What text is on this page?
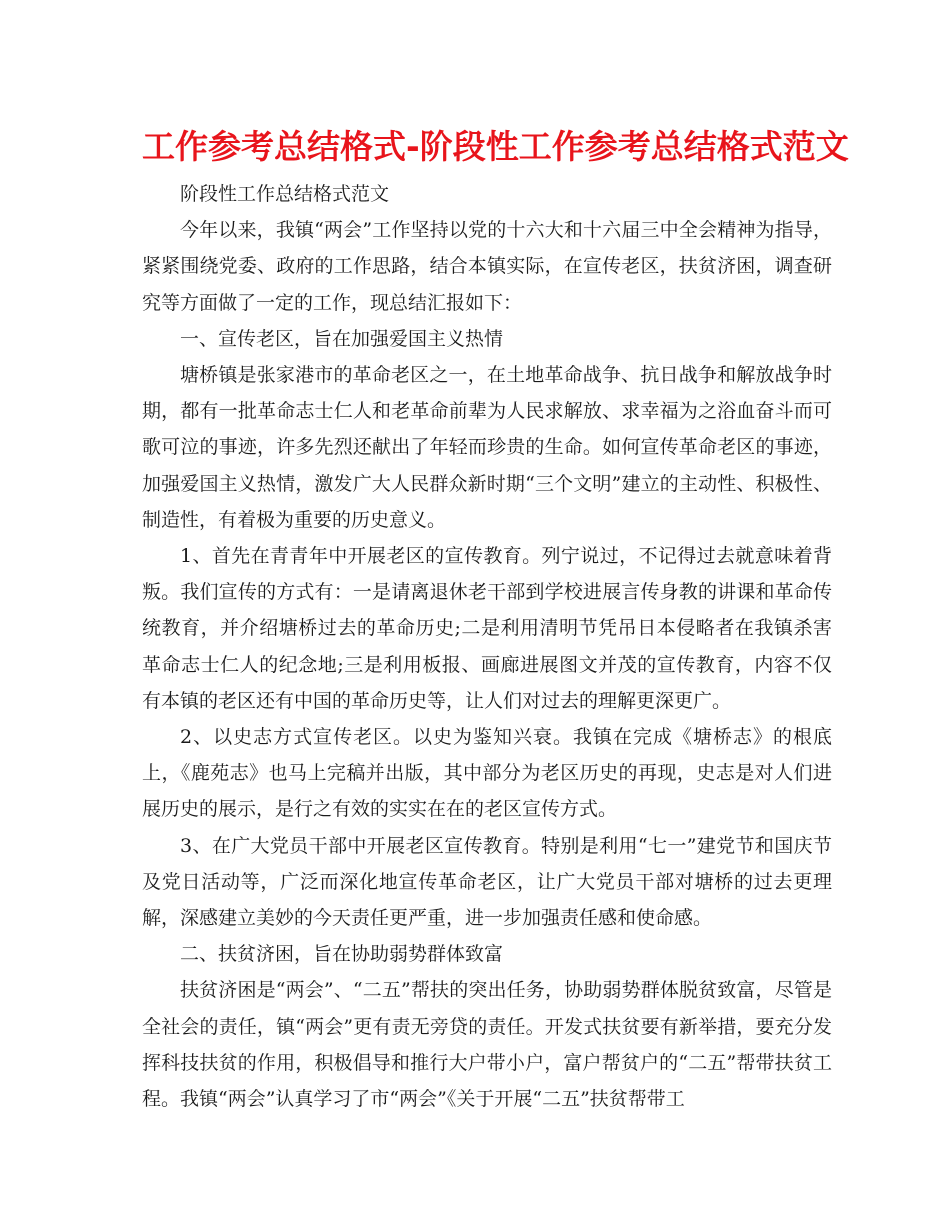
工作参考总结格式-阶段性工作参考总结格式范文

阶段性工作总结格式范文

今年以来，我镇“两会”工作坚持以党的十六大和十六届三中全会精神为指导，紧紧围绕党委、政府的工作思路，结合本镇实际，在宣传老区，扶贫济困，调查研究等方面做了一定的工作，现总结汇报如下：

一、宣传老区，旨在加强爱国主义热情

塘桥镇是张家港市的革命老区之一，在土地革命战争、抗日战争和解放战争时期，都有一批革命志士仁人和老革命前辈为人民求解放、求幸福为之浴血奋斗而可歌可泣的事迹，许多先烈还献出了年轻而珍贵的生命。如何宣传革命老区的事迹，加强爱国主义热情，激发广大人民群众新时期“三个文明”建立的主动性、积极性、制造性，有着极为重要的历史意义。

1、首先在青青年中开展老区的宣传教育。列宁说过，不记得过去就意味着背叛。我们宣传的方式有：一是请离退休老干部到学校进展言传身教的讲课和革命传统教育，并介绍塘桥过去的革命历史;二是利用清明节凭吊日本侵略者在我镇杀害革命志士仁人的纪念地;三是利用板报、画廊进展图文并茂的宣传教育，内容不仅有本镇的老区还有中国的革命历史等，让人们对过去的理解更深更广。

2、以史志方式宣传老区。以史为鉴知兴衰。我镇在完成《塘桥志》的根底上，《鹿苑志》也马上完稿并出版，其中部分为老区历史的再现，史志是对人们进展历史的展示，是行之有效的实实在在的老区宣传方式。

3、在广大党员干部中开展老区宣传教育。特别是利用“七一”建党节和国庆节及党日活动等，广泛而深化地宣传革命老区，让广大党员干部对塘桥的过去更理解，深感建立美妙的今天责任更严重，进一步加强责任感和使命感。

二、扶贫济困，旨在协助弱势群体致富

扶贫济困是“两会”、“二五”帮扶的突出任务，协助弱势群体脱贫致富，尽管是全社会的责任，镇“两会”更有责无旁贷的责任。开发式扶贫要有新举措，要充分发挥科技扶贫的作用，积极倡导和推行大户带小户，富户帮贫户的“二五”帮带扶贫工程。我镇“两会”认真学习了市“两会”《关于开展“二五”扶贫帮带工
